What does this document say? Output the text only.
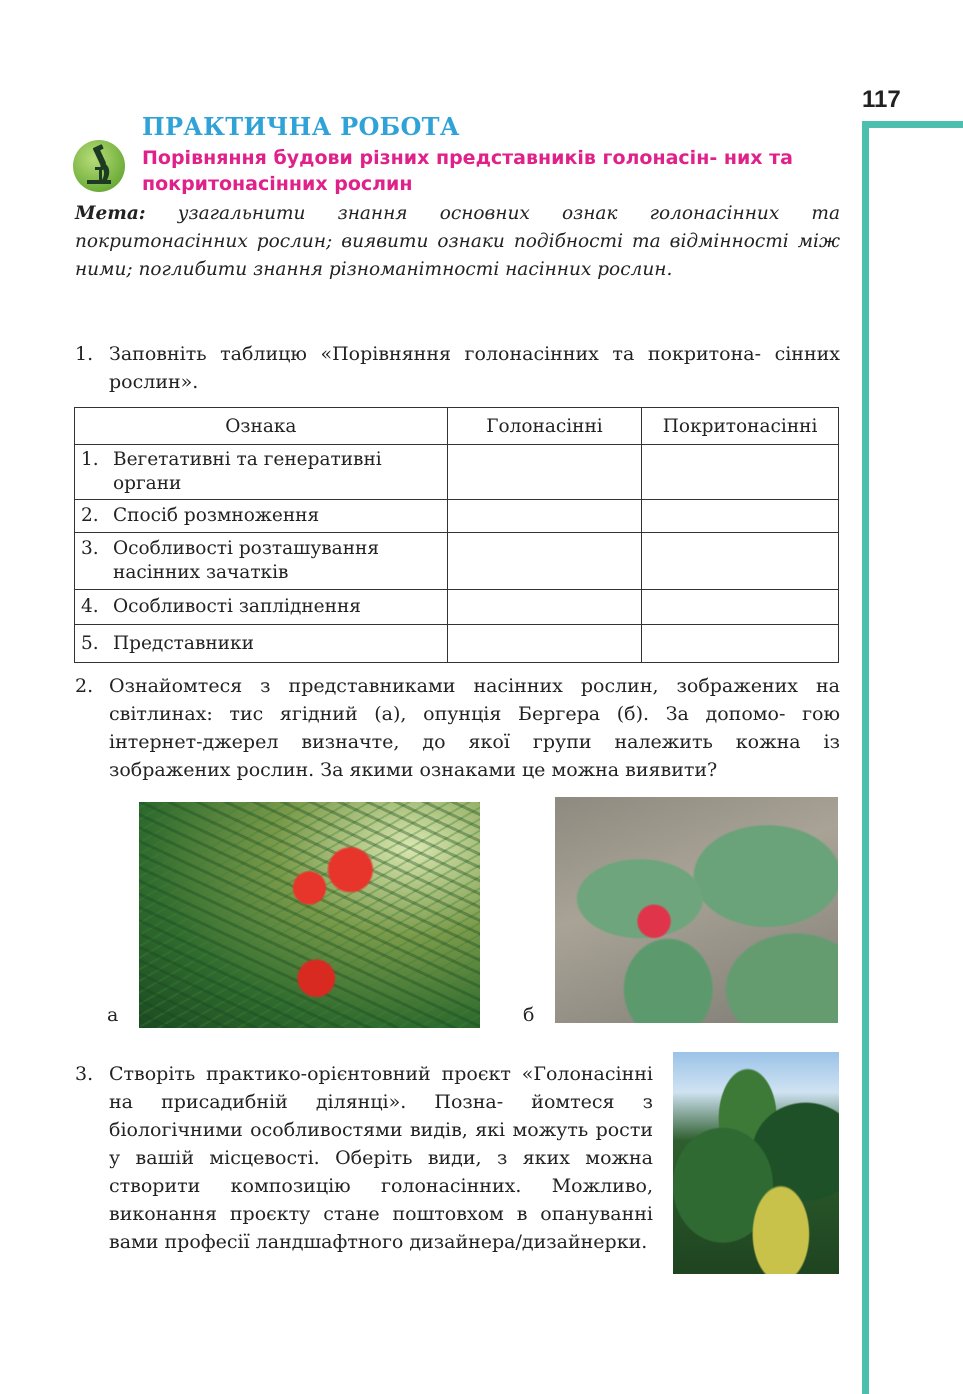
117
ПРАКТИЧНА РОБОТА
Порівняння будови різних представників голонасін- них та покритонасінних рослин
Мета: узагальнити знання основних ознак голонасінних та покритонасінних рослин; виявити ознаки подібності та відмінності між ними; поглибити знання різноманітності насінних рослин.
1. Заповніть таблицю «Порівняння голонасінних та покритона- сінних рослин».
Ознака	Голонасінні	Покритонасінні
1. Вегетативні та генеративні органи		
2. Спосіб розмноження		
3. Особливості розташування насінних зачатків		
4. Особливості запліднення		
5. Представники		
2. Ознайомтеся з представниками насінних рослин, зображених на світлинах: тис ягідний (а), опунція Бергера (б). За допомо- гою інтернет-джерел визначте, до якої групи належить кожна із зображених рослин. За якими ознаками це можна виявити?
а	б
3. Створіть практико-орієнтовний проєкт «Голонасінні на присадибній ділянці». Позна- йомтеся з біологічними особливостями видів, які можуть рости у вашій місцевості. Оберіть види, з яких можна створити композицію голонасінних. Можливо, виконання проєкту стане поштовхом в опануванні вами професії ландшафтного дизайнера/дизайнерки.
